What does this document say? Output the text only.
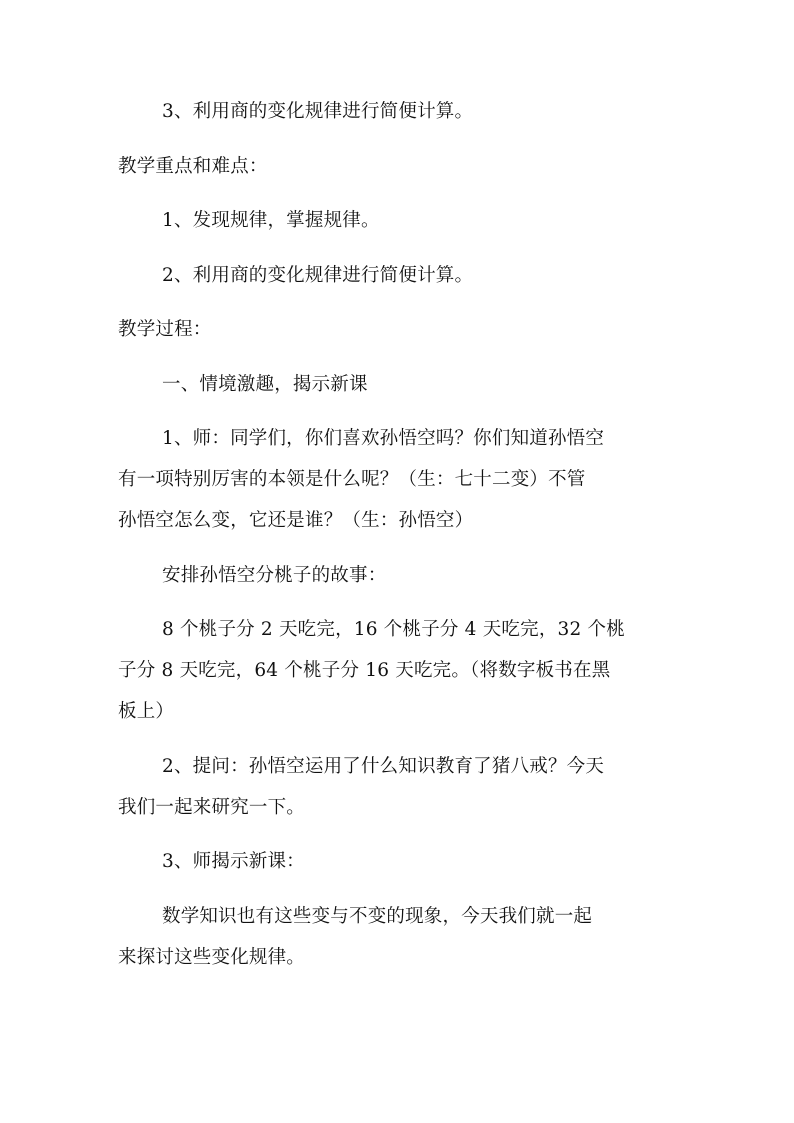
3、利用商的变化规律进行简便计算。
教学重点和难点：
1、发现规律，掌握规律。
2、利用商的变化规律进行简便计算。
教学过程：
一、情境激趣，揭示新课
1、师：同学们，你们喜欢孙悟空吗？你们知道孙悟空
有一项特别厉害的本领是什么呢？（生：七十二变）不管
孙悟空怎么变，它还是谁？（生：孙悟空）
安排孙悟空分桃子的故事：
8 个桃子分 2 天吃完，16 个桃子分 4 天吃完，32 个桃
子分 8 天吃完，64 个桃子分 16 天吃完。（将数字板书在黑
板上）
2、提问：孙悟空运用了什么知识教育了猪八戒？今天
我们一起来研究一下。
3、师揭示新课：
数学知识也有这些变与不变的现象，今天我们就一起
来探讨这些变化规律。
